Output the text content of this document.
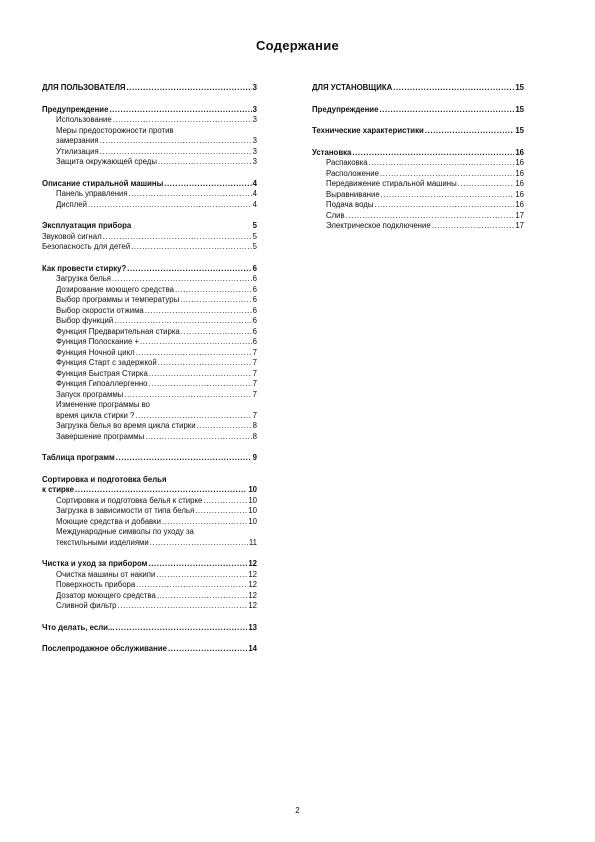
Содержание
ДЛЯ ПОЛЬЗОВАТЕЛЯ .....	3
Предупреждение .....	3
Использование .....	3
Меры предосторожности против
замерзания .....	3
Утилизация .....	3
Защита окружающей среды .....	3
Описание стиральной машины .....	4
Панель управления .....	4
Дисплей .....	4
Эксплуатация прибора	5
Звуковой сигнал .....	5
Безопасность для детей .....	5
Как провести стирку? .....	6
Загрузка белья .....	6
Дозирование моющего средства .....	6
Выбор программы и температуры .....	6
Выбор скорости отжима .....	6
Выбор функций .....	6
Функция Предварительная стирка .....	6
Функция Полоскание + .....	6
Функция Ночной цикл .....	7
Функция Старт с задержкой .....	7
Функция Быстрая Стирка .....	7
Функция Гипоаллергенно .....	7
Запуск программы .....	7
Изменение программы во
время цикла стирки ? .....	7
Загрузка белья во время цикла стирки .....	8
Завершение программы .....	8
Таблица программ .....	9
Сортировка и подготовка белья
к стирке .....	10
Сортировка и подготовка белья к стирке .....	10
Загрузка в зависимости от типа белья .....	10
Моющие средства и добавки .....	10
Международные символы по уходу за
текстильными изделиями .....	11
Чистка и уход за прибором .....	12
Очистка машины от накипи .....	12
Поверхность прибора .....	12
Дозатор моющего средства .....	12
Сливной фильтр .....	12
Что делать, если... .....	13
Послепродажное обслуживание .....	14
ДЛЯ УСТАНОВЩИКА .....	15
Предупреждение .....	15
Технические характеристики .....	15
Установка .....	16
Распаковка .....	16
Расположение .....	16
Передвижение стиральной машины .....	16
Выравнивание .....	16
Подача воды .....	16
Слив .....	17
Электрическое подключение .....	17
2
